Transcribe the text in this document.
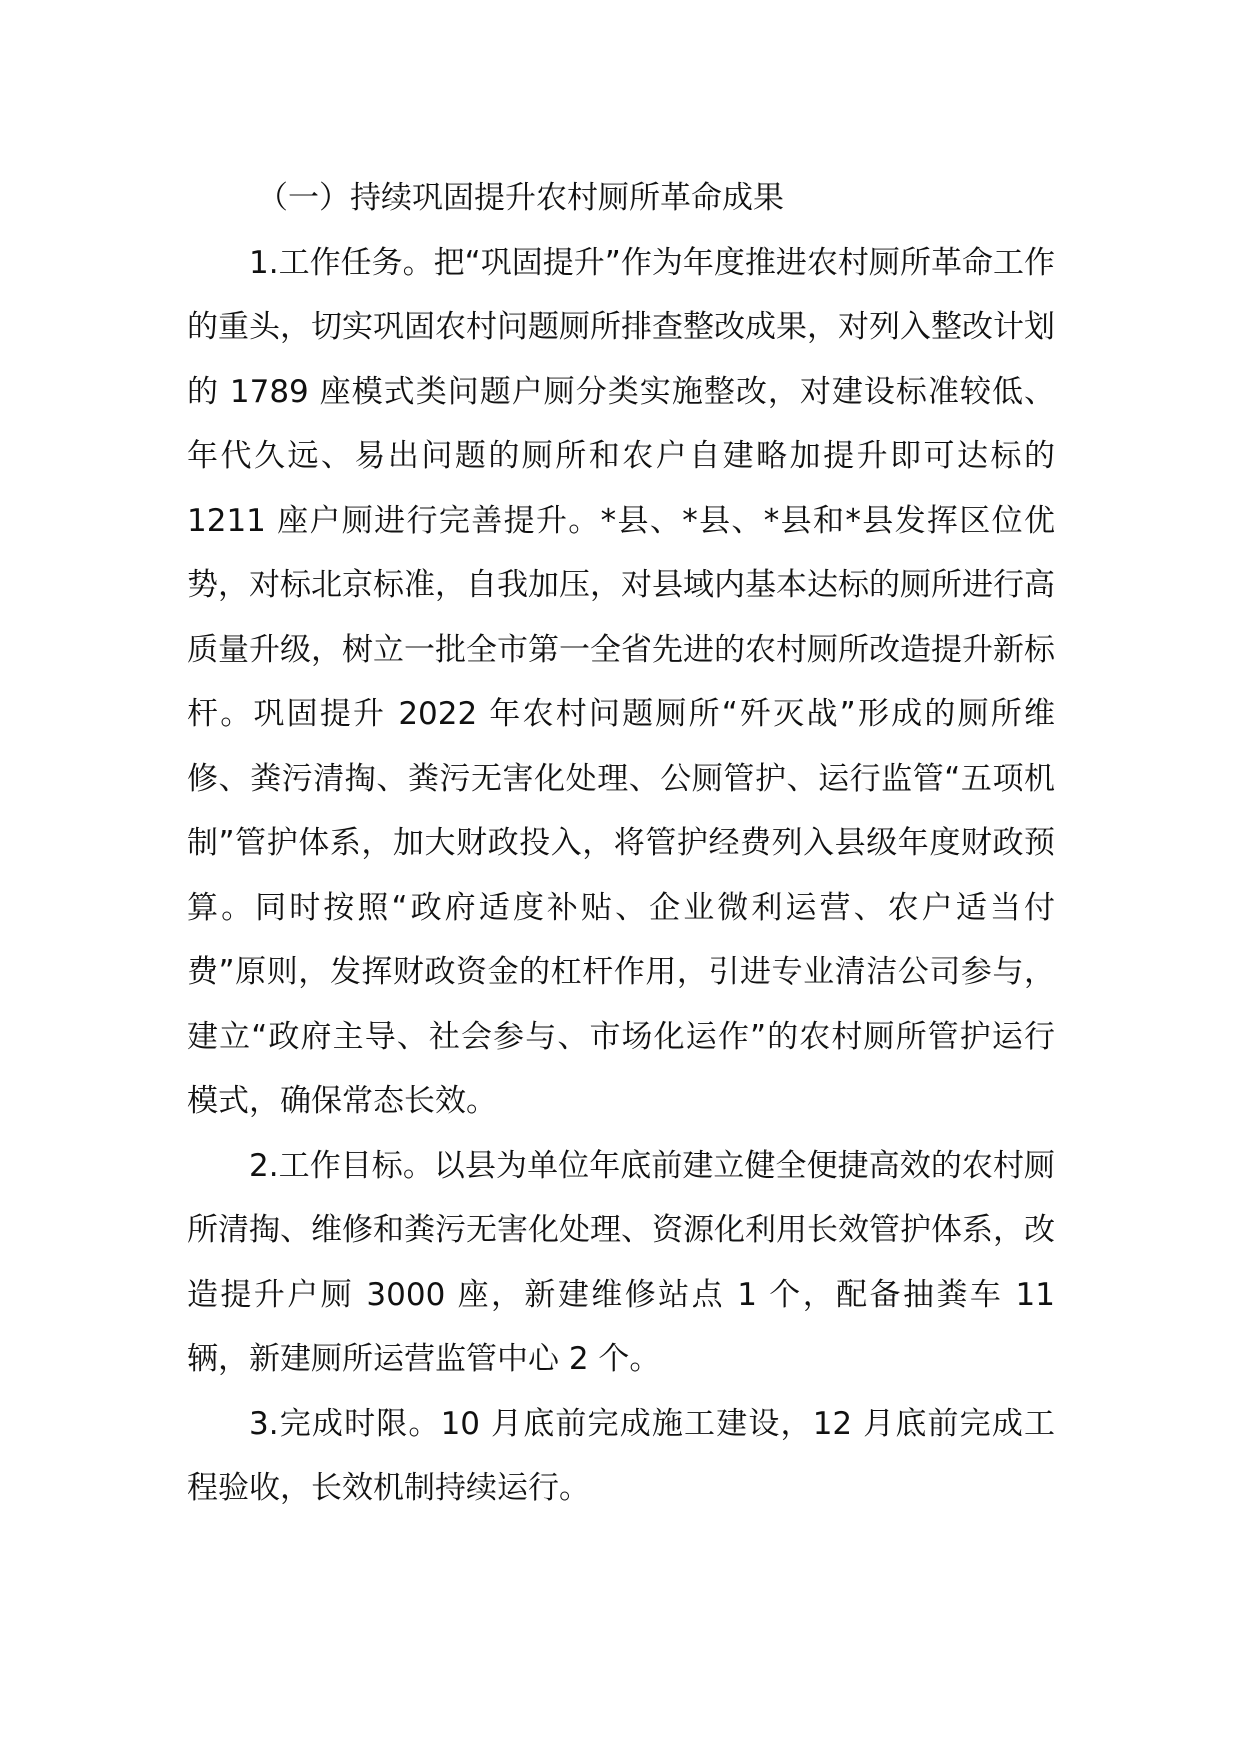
（一）持续巩固提升农村厕所革命成果

1.工作任务。把“巩固提升”作为年度推进农村厕所革命工作的重头，切实巩固农村问题厕所排查整改成果，对列入整改计划的 1789 座模式类问题户厕分类实施整改，对建设标准较低、年代久远、易出问题的厕所和农户自建略加提升即可达标的 1211 座户厕进行完善提升。*县、*县、*县和*县发挥区位优势，对标北京标准，自我加压，对县域内基本达标的厕所进行高质量升级，树立一批全市第一全省先进的农村厕所改造提升新标杆。巩固提升 2022 年农村问题厕所“歼灭战”形成的厕所维修、粪污清掏、粪污无害化处理、公厕管护、运行监管“五项机制”管护体系，加大财政投入，将管护经费列入县级年度财政预算。同时按照“政府适度补贴、企业微利运营、农户适当付费”原则，发挥财政资金的杠杆作用，引进专业清洁公司参与，建立“政府主导、社会参与、市场化运作”的农村厕所管护运行模式，确保常态长效。

2.工作目标。以县为单位年底前建立健全便捷高效的农村厕所清掏、维修和粪污无害化处理、资源化利用长效管护体系，改造提升户厕 3000 座，新建维修站点 1 个，配备抽粪车 11 辆，新建厕所运营监管中心 2 个。

3.完成时限。10 月底前完成施工建设，12 月底前完成工程验收，长效机制持续运行。
